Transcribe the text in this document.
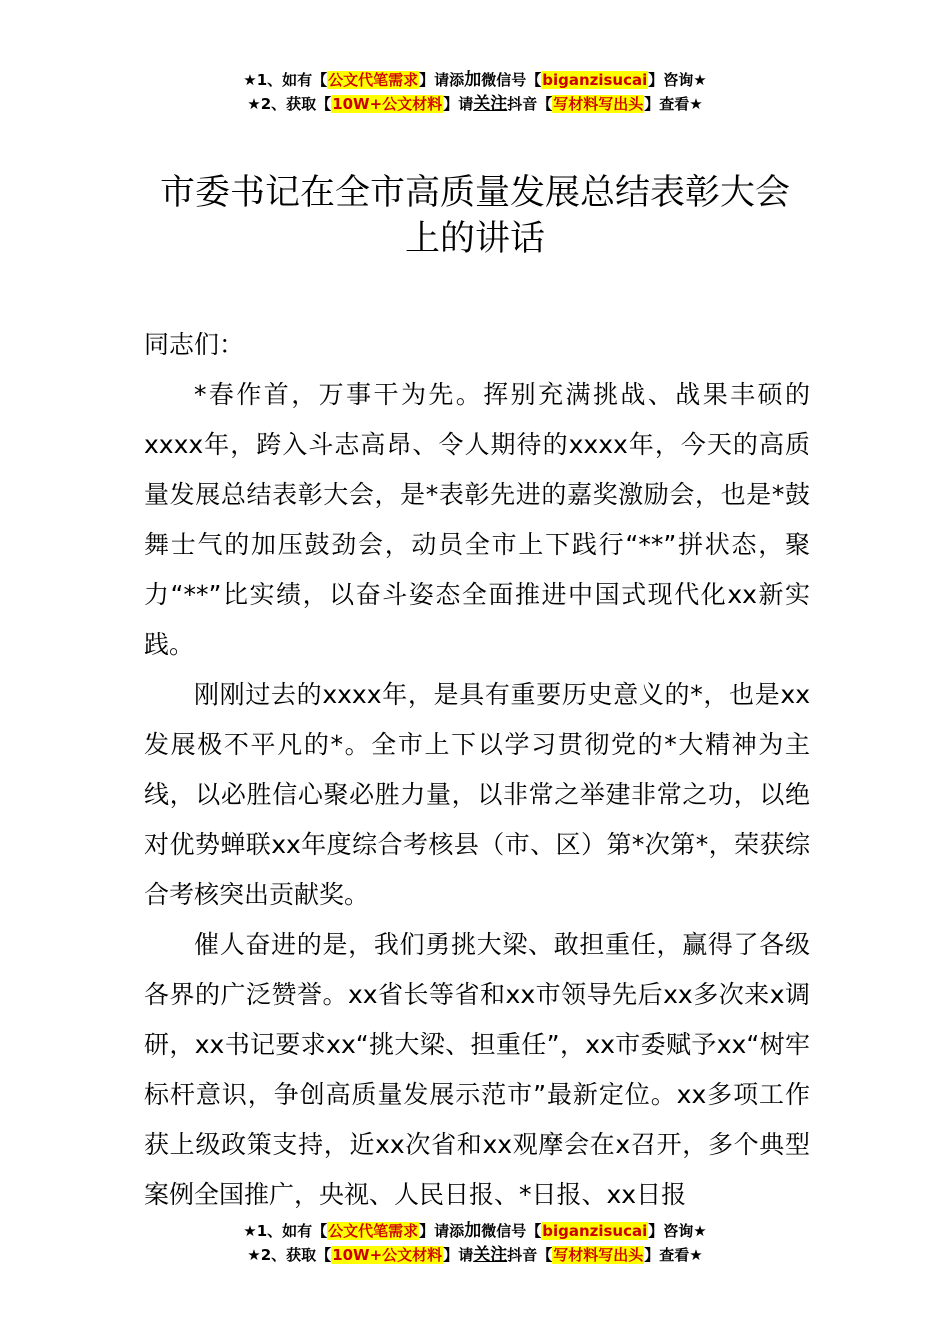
★1、如有【公文代笔需求】请添加微信号【biganzisucai】咨询★
★2、获取【10W+公文材料】请关注抖音【写材料写出头】查看★
市委书记在全市高质量发展总结表彰大会
上的讲话

同志们：

*春作首，万事干为先。挥别充满挑战、战果丰硕的xxxx年，跨入斗志高昂、令人期待的xxxx年，今天的高质量发展总结表彰大会，是*表彰先进的嘉奖激励会，也是*鼓舞士气的加压鼓劲会，动员全市上下践行“**”拼状态，聚力“**”比实绩，以奋斗姿态全面推进中国式现代化xx新实践。

刚刚过去的xxxx年，是具有重要历史意义的*，也是xx发展极不平凡的*。全市上下以学习贯彻党的*大精神为主线，以必胜信心聚必胜力量，以非常之举建非常之功，以绝对优势蝉联xx年度综合考核县（市、区）第*次第*，荣获综合考核突出贡献奖。

催人奋进的是，我们勇挑大梁、敢担重任，赢得了各级各界的广泛赞誉。xx省长等省和xx市领导先后xx多次来x调研，xx书记要求xx“挑大梁、担重任”，xx市委赋予xx“树牢标杆意识，争创高质量发展示范市”最新定位。xx多项工作获上级政策支持，近xx次省和xx观摩会在x召开，多个典型案例全国推广，央视、人民日报、*日报、xx日报

★1、如有【公文代笔需求】请添加微信号【biganzisucai】咨询★
★2、获取【10W+公文材料】请关注抖音【写材料写出头】查看★
